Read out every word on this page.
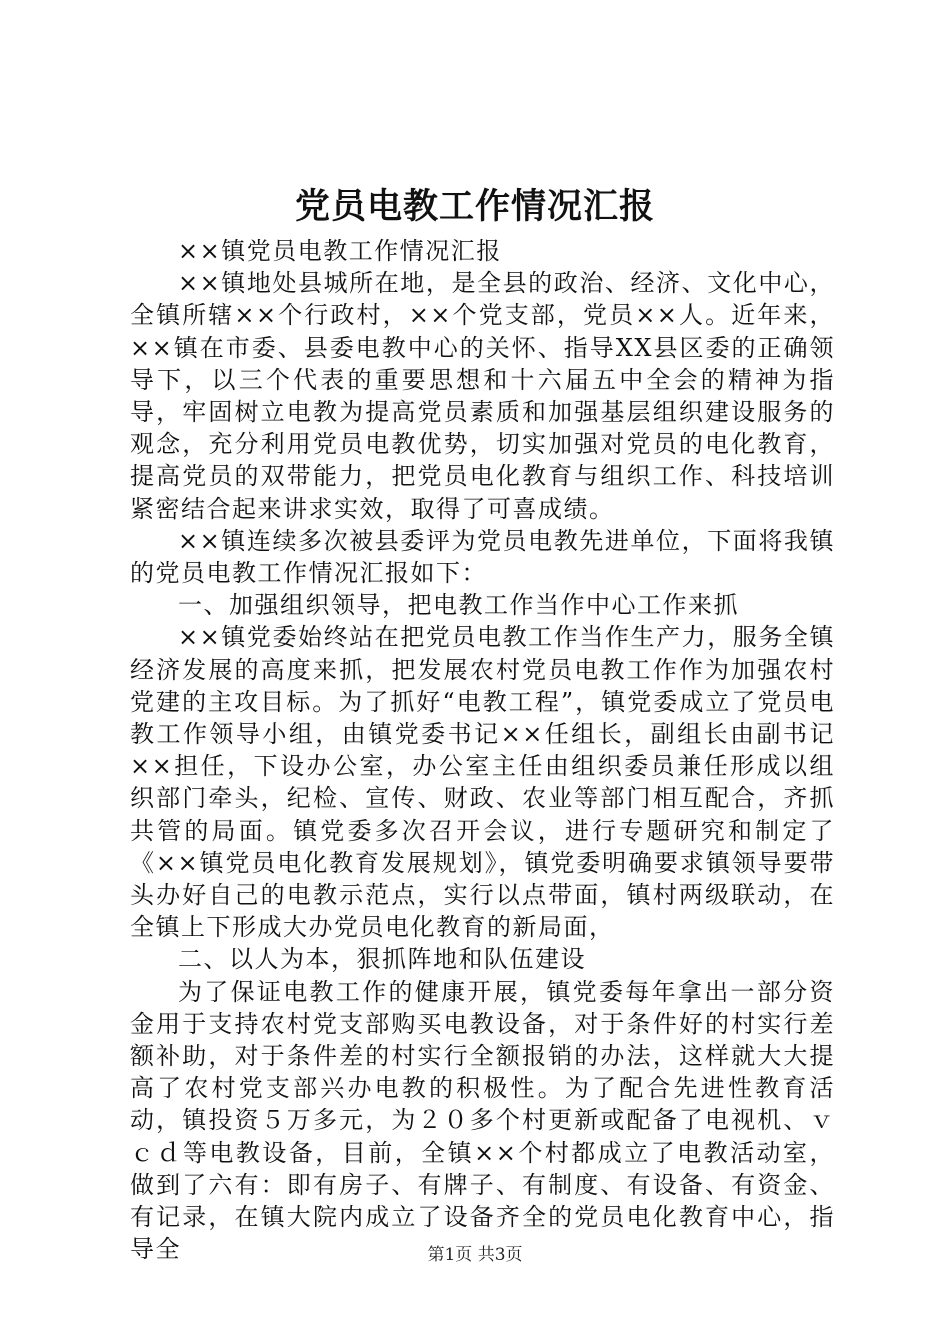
党员电教工作情况汇报

××镇党员电教工作情况汇报

××镇地处县城所在地，是全县的政治、经济、文化中心，全镇所辖××个行政村，××个党支部，党员××人。近年来，××镇在市委、县委电教中心的关怀、指导XX县区委的正确领导下，以三个代表的重要思想和十六届五中全会的精神为指导，牢固树立电教为提高党员素质和加强基层组织建设服务的观念，充分利用党员电教优势，切实加强对党员的电化教育，提高党员的双带能力，把党员电化教育与组织工作、科技培训紧密结合起来讲求实效，取得了可喜成绩。

××镇连续多次被县委评为党员电教先进单位，下面将我镇的党员电教工作情况汇报如下：

一、加强组织领导，把电教工作当作中心工作来抓

××镇党委始终站在把党员电教工作当作生产力，服务全镇经济发展的高度来抓，把发展农村党员电教工作作为加强农村党建的主攻目标。为了抓好“电教工程”，镇党委成立了党员电教工作领导小组，由镇党委书记××任组长，副组长由副书记××担任，下设办公室，办公室主任由组织委员兼任形成以组织部门牵头，纪检、宣传、财政、农业等部门相互配合，齐抓共管的局面。镇党委多次召开会议，进行专题研究和制定了《××镇党员电化教育发展规划》，镇党委明确要求镇领导要带头办好自己的电教示范点，实行以点带面，镇村两级联动，在全镇上下形成大办党员电化教育的新局面，

二、以人为本，狠抓阵地和队伍建设

为了保证电教工作的健康开展，镇党委每年拿出一部分资金用于支持农村党支部购买电教设备，对于条件好的村实行差额补助，对于条件差的村实行全额报销的办法，这样就大大提高了农村党支部兴办电教的积极性。为了配合先进性教育活动，镇投资５万多元，为２０多个村更新或配备了电视机、ｖｃｄ等电教设备，目前，全镇××个村都成立了电教活动室，做到了六有：即有房子、有牌子、有制度、有设备、有资金、有记录，在镇大院内成立了设备齐全的党员电化教育中心，指导全	第1页 共3页
